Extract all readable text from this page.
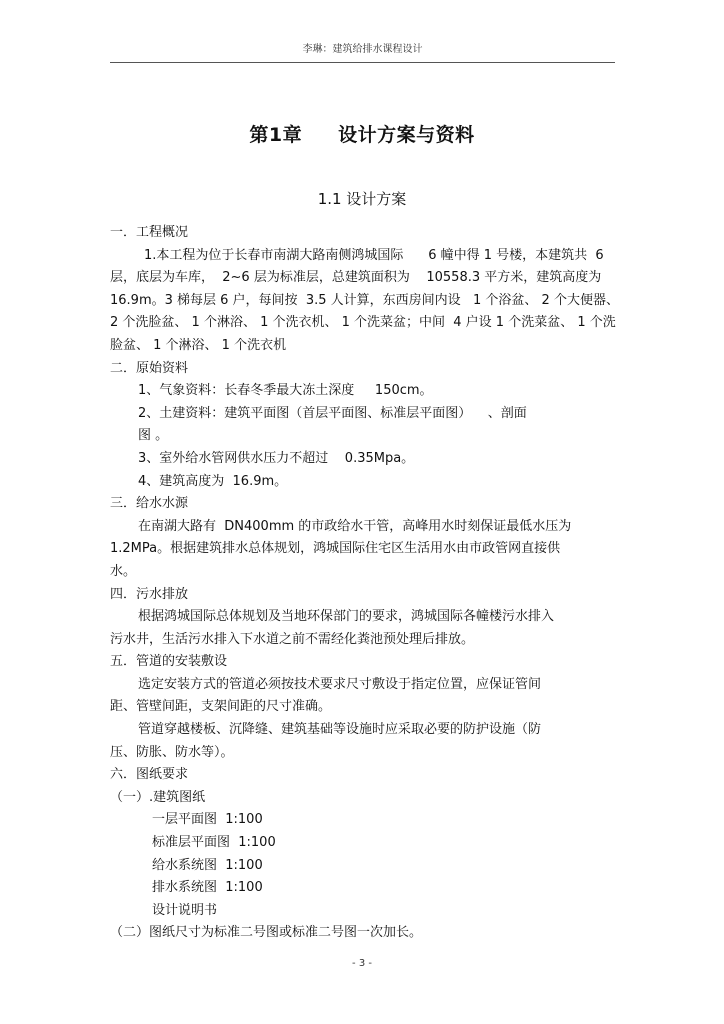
李琳：建筑给排水课程设计
第1章 设计方案与资料
1.1 设计方案
一．工程概况
1.本工程为位于长春市南湖大路南侧鸿城国际      6 幢中得 1 号楼，本建筑共  6
层，底层为车库，  2~6 层为标准层，总建筑面积为    10558.3 平方米，建筑高度为
16.9m。3 梯每层 6 户，每间按  3.5 人计算，东西房间内设   1 个浴盆、 2 个大便器、
2 个洗脸盆、 1 个淋浴、 1 个洗衣机、 1 个洗菜盆；中间  4 户设 1 个洗菜盆、 1 个洗
脸盆、 1 个淋浴、 1 个洗衣机
二．原始资料
1、气象资料：长春冬季最大冻土深度     150cm。
2、土建资料：建筑平面图（首层平面图、标准层平面图）    、剖面
图 。
3、室外给水管网供水压力不超过    0.35Mpa。
4、建筑高度为  16.9m。
三．给水水源
在南湖大路有  DN400mm 的市政给水干管，高峰用水时刻保证最低水压为
1.2MPa。根据建筑排水总体规划，鸿城国际住宅区生活用水由市政管网直接供
水。
四．污水排放
根据鸿城国际总体规划及当地环保部门的要求，鸿城国际各幢楼污水排入
污水井，生活污水排入下水道之前不需经化粪池预处理后排放。
五．管道的安装敷设
选定安装方式的管道必须按技术要求尺寸敷设于指定位置，应保证管间
距、管壁间距，支架间距的尺寸准确。
管道穿越楼板、沉降缝、建筑基础等设施时应采取必要的防护设施（防
压、防胀、防水等）。
六．图纸要求
（一）.建筑图纸
一层平面图  1:100
标准层平面图  1:100
给水系统图  1:100
排水系统图  1:100
设计说明书
（二）图纸尺寸为标准二号图或标准二号图一次加长。
- 3 -
